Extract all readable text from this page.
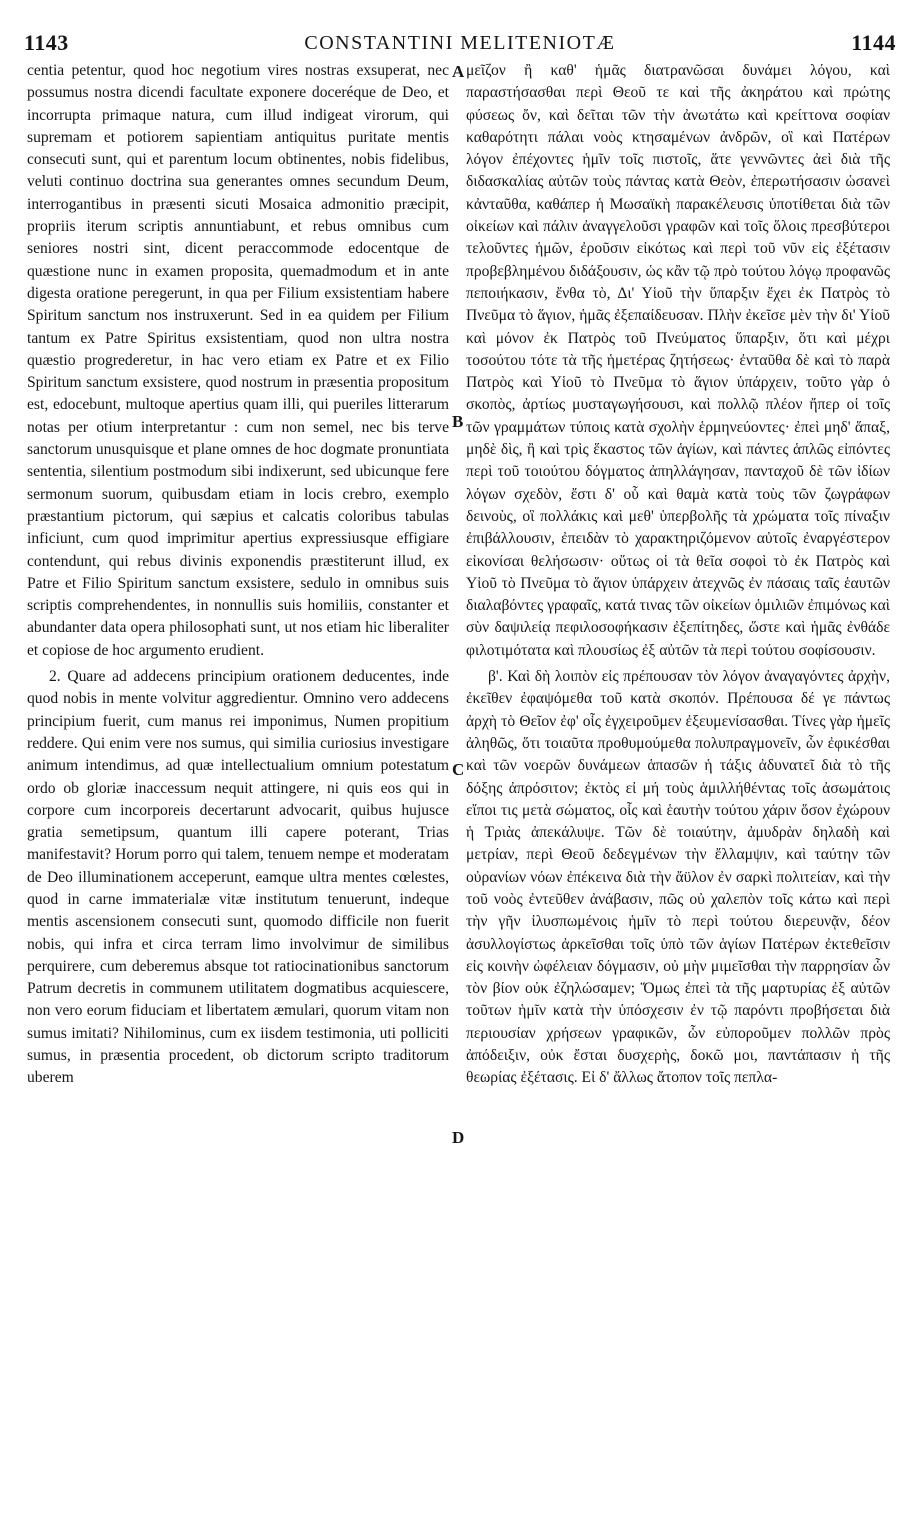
1143	CONSTANTINI MELITENIOTÆ	1144

centia petentur, quod hoc negotium vires nostras exsuperat, nec possumus nostra dicendi facultate exponere doceréque de Deo, et incorrupta primaque natura, cum illud indigeat virorum, qui supremam et potiorem sapientiam antiquitus puritate mentis consecuti sunt, qui et parentum locum obtinentes, nobis fidelibus, veluti continuo doctrina sua generantes omnes secundum Deum, interrogantibus in præsenti sicuti Mosaica admonitio præcipit, propriis iterum scriptis annuntiabunt, et rebus omnibus cum seniores nostri sint, dicent peraccommode edocentque de quæstione nunc in examen proposita, quemadmodum et in ante digesta oratione peregerunt, in qua per Filium exsistentiam habere Spiritum sanctum nos instruxerunt. Sed in ea quidem per Filium tantum ex Patre Spiritus exsistentiam, quod non ultra nostra quæstio progrederetur, in hac vero etiam ex Patre et ex Filio Spiritum sanctum exsistere, quod nostrum in præsentia propositum est, edocebunt, multoque apertius quam illi, qui pueriles litterarum notas per otium interpretantur : cum non semel, nec bis terve sanctorum unusquisque et plane omnes de hoc dogmate pronuntiata sententia, silentium postmodum sibi indixerunt, sed ubicunque fere sermonum suorum, quibusdam etiam in locis crebro, exemplo præstantium pictorum, qui sæpius et calcatis coloribus tabulas inficiunt, cum quod imprimitur apertius expressiusque effigiare contendunt, qui rebus divinis exponendis præstiterunt illud, ex Patre et Filio Spiritum sanctum exsistere, sedulo in omnibus suis scriptis comprehendentes, in nonnullis suis homiliis, constanter et abundanter data opera philosophati sunt, ut nos etiam hic liberaliter et copiose de hoc argumento erudient.

2. Quare ad addecens principium orationem deducentes, inde quod nobis in mente volvitur aggredientur. Omnino vero addecens principium fuerit, cum manus rei imponimus, Numen propitium reddere. Qui enim vere nos sumus, qui similia curiosius investigare animum intendimus, ad quæ intellectualium omnium potestatum ordo ob gloriæ inaccessum nequit attingere, ni quis eos qui in corpore cum incorporeis decertarunt advocarit, quibus hujusce gratia semetipsum, quantum illi capere poterant, Trias manifestavit? Horum porro qui talem, tenuem nempe et moderatam de Deo illuminationem acceperunt, eamque ultra mentes cœlestes, quod in carne immaterialæ vitæ institutum tenuerunt, indeque mentis ascensionem consecuti sunt, quomodo difficile non fuerit nobis, qui infra et circa terram limo involvimur de similibus perquirere, cum deberemus absque tot ratiocinationibus sanctorum Patrum decretis in communem utilitatem dogmatibus acquiescere, non vero eorum fiduciam et libertatem æmulari, quorum vitam non sumus imitati? Nihilominus, cum ex iisdem testimonia, uti polliciti sumus, in præsentia procedent, ob dictorum scripto traditorum uberem

A
B
C
D

μεῖζον ἢ καθ' ἡμᾶς διατρανῶσαι δυνάμει λόγου, καὶ παραστήσασθαι περὶ Θεοῦ τε καὶ τῆς ἀκηράτου καὶ πρώτης φύσεως ὄν, καὶ δεῖται τῶν τὴν ἀνωτάτω καὶ κρείττονα σοφίαν καθαρότητι πάλαι νοὸς κτησαμένων ἀνδρῶν, οἳ καὶ Πατέρων λόγον ἐπέχοντες ἡμῖν τοῖς πιστοῖς, ἅτε γεννῶντες ἀεὶ διὰ τῆς διδασκαλίας αὐτῶν τοὺς πάντας κατὰ Θεὸν, ἐπερωτήσασιν ὡσανεὶ κἀνταῦθα, καθάπερ ἡ Μωσαϊκὴ παρακέλευσις ὑποτίθεται διὰ τῶν οἰκείων καὶ πάλιν ἀναγγελοῦσι γραφῶν καὶ τοῖς ὅλοις πρεσβύτεροι τελοῦντες ἡμῶν, ἐροῦσιν εἰκότως καὶ περὶ τοῦ νῦν εἰς ἐξέτασιν προβεβλημένου διδάξουσιν, ὡς κἂν τῷ πρὸ τούτου λόγῳ προφανῶς πεποιήκασιν, ἔνθα τὸ, Δι' Υἱοῦ τὴν ὕπαρξιν ἔχει ἐκ Πατρὸς τὸ Πνεῦμα τὸ ἅγιον, ἡμᾶς ἐξεπαίδευσαν. Πλὴν ἐκεῖσε μὲν τὴν δι' Υἱοῦ καὶ μόνον ἐκ Πατρὸς τοῦ Πνεύματος ὕπαρξιν, ὅτι καὶ μέχρι τοσούτου τότε τὰ τῆς ἡμετέρας ζητήσεως· ἐνταῦθα δὲ καὶ τὸ παρὰ Πατρὸς καὶ Υἱοῦ τὸ Πνεῦμα τὸ ἅγιον ὑπάρχειν, τοῦτο γὰρ ὁ σκοπὸς, ἀρτίως μυσταγωγήσουσι, καὶ πολλῷ πλέον ἤπερ οἱ τοῖς τῶν γραμμάτων τύποις κατὰ σχολὴν ἑρμηνεύοντες· ἐπεὶ μηδ' ἅπαξ, μηδὲ δὶς, ἢ καὶ τρὶς ἕκαστος τῶν ἁγίων, καὶ πάντες ἁπλῶς εἰπόντες περὶ τοῦ τοιούτου δόγματος ἀπηλλάγησαν, πανταχοῦ δὲ τῶν ἰδίων λόγων σχεδὸν, ἔστι δ' οὗ καὶ θαμὰ κατὰ τοὺς τῶν ζωγράφων δεινοὺς, οἳ πολλάκις καὶ μεθ' ὑπερβολῆς τὰ χρώματα τοῖς πίναξιν ἐπιβάλλουσιν, ἐπειδὰν τὸ χαρακτηριζόμενον αὐτοῖς ἐναργέστερον εἰκονίσαι θελήσωσιν· οὕτως οἱ τὰ θεῖα σοφοὶ τὸ ἐκ Πατρὸς καὶ Υἱοῦ τὸ Πνεῦμα τὸ ἅγιον ὑπάρχειν ἀτεχνῶς ἐν πάσαις ταῖς ἑαυτῶν διαλαβόντες γραφαῖς, κατά τινας τῶν οἰκείων ὁμιλιῶν ἐπιμόνως καὶ σὺν δαψιλείᾳ πεφιλοσοφήκασιν ἐξεπίτηδες, ὥστε καὶ ἡμᾶς ἐνθάδε φιλοτιμότατα καὶ πλουσίως ἐξ αὐτῶν τὰ περὶ τούτου σοφίσουσιν.

β'. Καὶ δὴ λοιπὸν εἰς πρέπουσαν τὸν λόγον ἀναγαγόντες ἀρχὴν, ἐκεῖθεν ἐφαψόμεθα τοῦ κατὰ σκοπόν. Πρέπουσα δέ γε πάντως ἀρχὴ τὸ Θεῖον ἐφ' οἷς ἐγχειροῦμεν ἐξευμενίσασθαι. Τίνες γὰρ ἡμεῖς ἀληθῶς, ὅτι τοιαῦτα προθυμούμεθα πολυπραγμονεῖν, ὧν ἐφικέσθαι καὶ τῶν νοερῶν δυνάμεων ἁπασῶν ἡ τάξις ἀδυνατεῖ διὰ τὸ τῆς δόξης ἀπρόσιτον; ἐκτὸς εἰ μή τοὺς ἁμιλλήθέντας τοῖς ἀσωμάτοις εἴποι τις μετὰ σώματος, οἷς καὶ ἑαυτὴν τούτου χάριν ὅσον ἐχώρουν ἡ Τριὰς ἀπεκάλυψε. Τῶν δὲ τοιαύτην, ἀμυδρὰν δηλαδὴ καὶ μετρίαν, περὶ Θεοῦ δεδεγμένων τὴν ἔλλαμψιν, καὶ ταύτην τῶν οὐρανίων νόων ἐπέκεινα διὰ τὴν ἄϋλον ἐν σαρκὶ πολιτείαν, καὶ τὴν τοῦ νοὸς ἐντεῦθεν ἀνάβασιν, πῶς οὐ χαλεπὸν τοῖς κάτω καὶ περὶ τὴν γῆν ἰλυσπωμένοις ἡμῖν τὸ περὶ τούτου διερευνᾷν, δέον ἀσυλλογίστως ἀρκεῖσθαι τοῖς ὑπὸ τῶν ἁγίων Πατέρων ἐκτεθεῖσιν εἰς κοινὴν ὠφέλειαν δόγμασιν, οὐ μὴν μιμεῖσθαι τὴν παρρησίαν ὧν τὸν βίον οὐκ ἐζηλώσαμεν; Ὅμως ἐπεὶ τὰ τῆς μαρτυρίας ἐξ αὐτῶν τοῦτων ἡμῖν κατὰ τὴν ὑπόσχεσιν ἐν τῷ παρόντι προβήσεται διὰ περιουσίαν χρήσεων γραφικῶν, ὧν εὐποροῦμεν πολλῶν πρὸς ἀπόδειξιν, οὐκ ἔσται δυσχερὴς, δοκῶ μοι, παντάπασιν ἡ τῆς θεωρίας ἐξέτασις. Εἰ δ' ἄλλως ἄτοπον τοῖς πεπλα-
